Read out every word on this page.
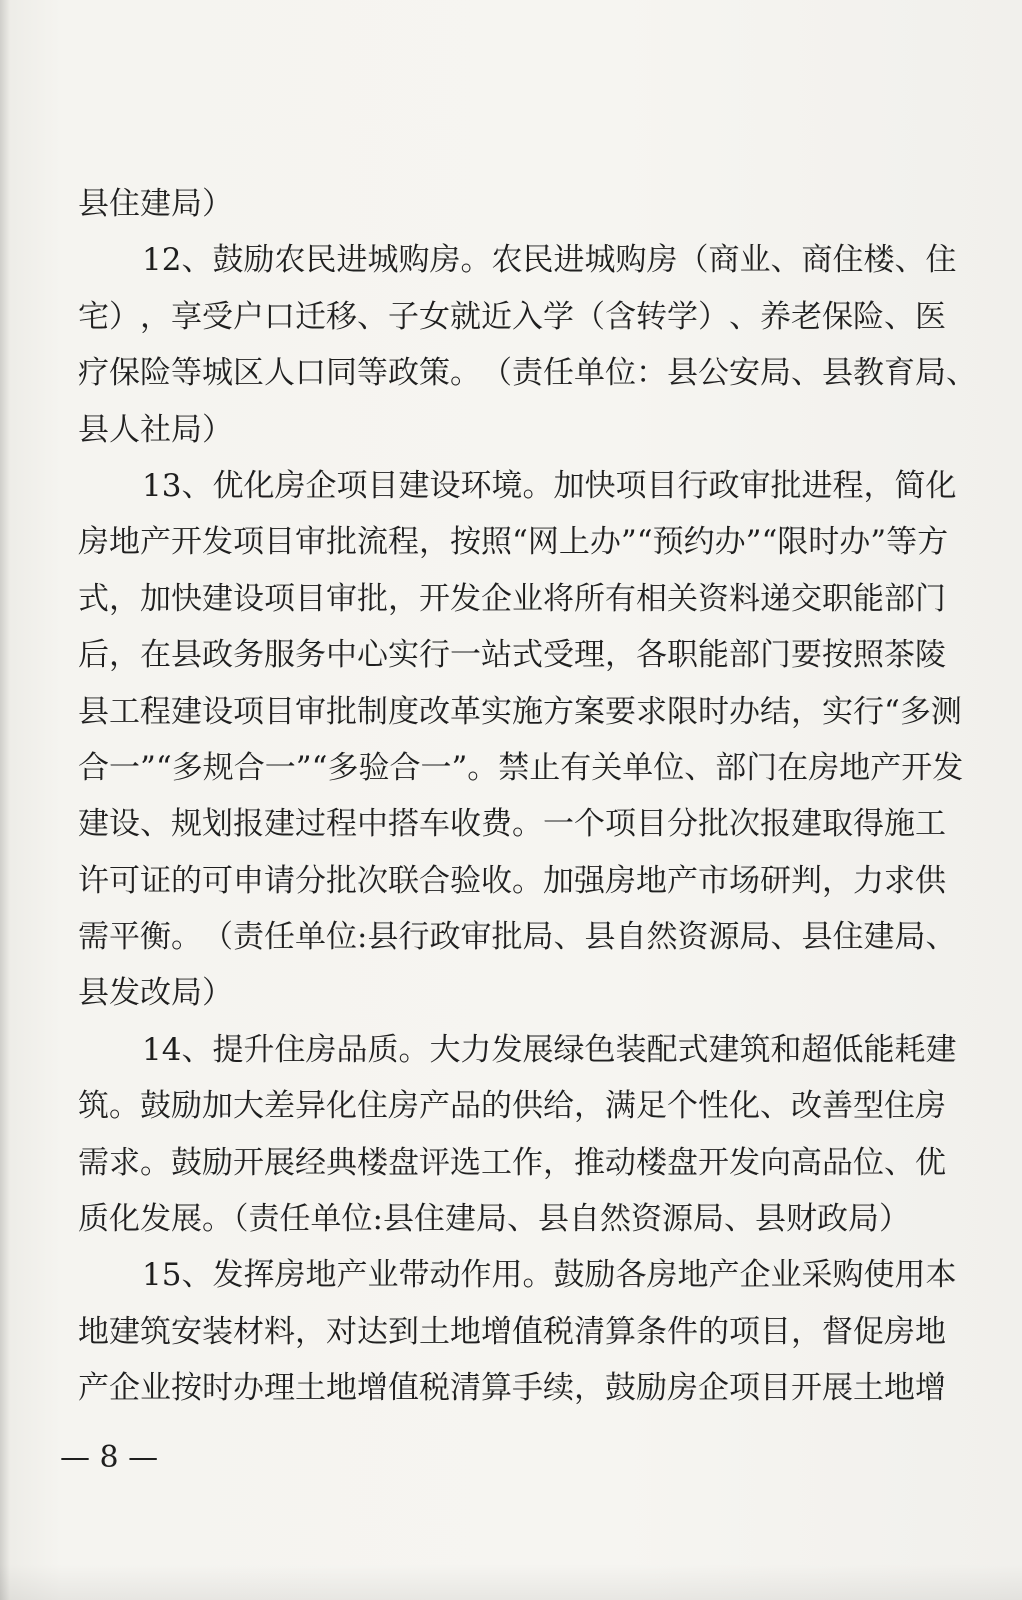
县住建局）
12 、 鼓 励 农 民 进 城 购 房 。 农 民 进 城 购 房 （ 商 业 、 商 住 楼 、 住
宅 ） ， 享 受 户 口 迁 移 、 子 女 就 近 入 学 （ 含 转 学 ） 、 养 老 保 险 、 医
疗 保 险 等 城 区 人 口 同 等 政 策 。 （ 责 任 单 位 ： 县 公 安 局 、 县 教 育 局 、
县人社局）
13 、 优 化 房 企 项 目 建 设 环 境 。 加 快 项 目 行 政 审 批 进 程 ， 简 化
房 地 产 开 发 项 目 审 批 流 程 ， 按 照 “ 网 上 办 ” “ 预 约 办 ” “ 限 时 办 ” 等 方
式 ， 加 快 建 设 项 目 审 批 ， 开 发 企 业 将 所 有 相 关 资 料 递 交 职 能 部 门
后 ， 在 县 政 务 服 务 中 心 实 行 一 站 式 受 理 ， 各 职 能 部 门 要 按 照 茶 陵
县 工 程 建 设 项 目 审 批 制 度 改 革 实 施 方 案 要 求 限 时 办 结 ， 实 行 “ 多 测
合 一 ” “ 多 规 合 一 ” “ 多 验 合 一 ” 。 禁 止 有 关 单 位 、 部 门 在 房 地 产 开 发
建 设 、 规 划 报 建 过 程 中 搭 车 收 费 。 一 个 项 目 分 批 次 报 建 取 得 施 工
许 可 证 的 可 申 请 分 批 次 联 合 验 收 。 加 强 房 地 产 市 场 研 判 ， 力 求 供
需 平 衡 。 （ 责 任 单 位 : 县 行 政 审 批 局 、 县 自 然 资 源 局 、 县 住 建 局 、
县发改局）
14 、 提 升 住 房 品 质 。 大 力 发 展 绿 色 装 配 式 建 筑 和 超 低 能 耗 建
筑 。 鼓 励 加 大 差 异 化 住 房 产 品 的 供 给 ， 满 足 个 性 化 、 改 善 型 住 房
需 求 。 鼓 励 开 展 经 典 楼 盘 评 选 工 作 ， 推 动 楼 盘 开 发 向 高 品 位 、 优
质化发展。（责任单位:县住建局、县自然资源局、县财政局）
15 、 发 挥 房 地 产 业 带 动 作 用 。 鼓 励 各 房 地 产 企 业 采 购 使 用 本
地 建 筑 安 装 材 料 ， 对 达 到 土 地 增 值 税 清 算 条 件 的 项 目 ， 督 促 房 地
产 企 业 按 时 办 理 土 地 增 值 税 清 算 手 续 ， 鼓 励 房 企 项 目 开 展 土 地 增
— 8 —
